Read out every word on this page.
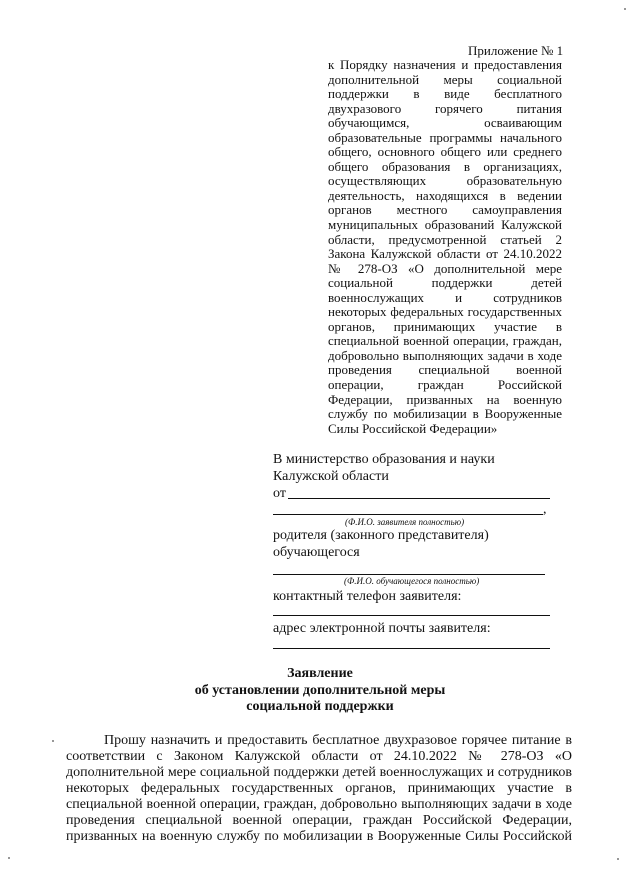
Приложение № 1
к Порядку назначения и предоставления
дополнительной меры социальной
поддержки в виде бесплатного
двухразового горячего питания
обучающимся, осваивающим
образовательные программы начального
общего, основного общего или среднего
общего образования в организациях,
осуществляющих образовательную
деятельность, находящихся в ведении
органов местного самоуправления
муниципальных образований Калужской
области, предусмотренной статьей 2
Закона Калужской области от 24.10.2022
№ 278-ОЗ «О дополнительной мере
социальной поддержки детей
военнослужащих и сотрудников
некоторых федеральных государственных
органов, принимающих участие в
специальной военной операции, граждан,
добровольно выполняющих задачи в ходе
проведения специальной военной
операции, граждан Российской
Федерации, призванных на военную
службу по мобилизации в Вооруженные
Силы Российской Федерации»
В министерство образования и науки
Калужской области
от
,
(Ф.И.О. заявителя полностью)
родителя (законного представителя)
обучающегося
(Ф.И.О. обучающегося полностью)
контактный телефон заявителя:
адрес электронной почты заявителя:
Заявление
об установлении дополнительной меры
социальной поддержки
Прошу назначить и предоставить бесплатное двухразовое горячее питание в
соответствии с Законом Калужской области от 24.10.2022 № 278-ОЗ «О
дополнительной мере социальной поддержки детей военнослужащих и сотрудников
некоторых федеральных государственных органов, принимающих участие в
специальной военной операции, граждан, добровольно выполняющих задачи в ходе
проведения специальной военной операции, граждан Российской Федерации,
призванных на военную службу по мобилизации в Вооруженные Силы Российской
